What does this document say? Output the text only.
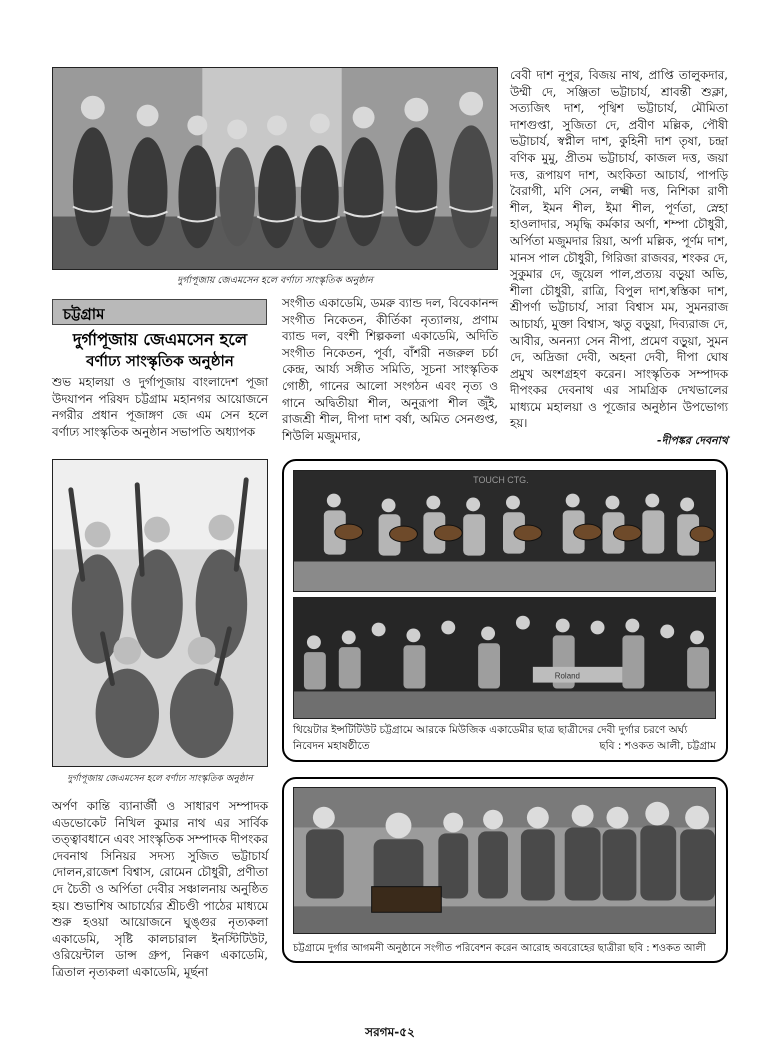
দুর্গাপূজায় জেএমসেন হলে বর্ণাঢ্য সাংস্কৃতিক অনুষ্ঠান
চট্টগ্রাম
দুর্গাপূজায় জেএমসেন হলে
বর্ণাঢ্য সাংস্কৃতিক অনুষ্ঠান
শুভ মহালয়া ও দুর্গাপূজায় বাংলাদেশ পূজা উদযাপন পরিষদ চট্টগ্রাম মহানগর আয়োজনে নগরীর প্রধান পূজাঙ্গণ জে এম সেন হলে বর্ণাঢ্য সাংস্কৃতিক অনুষ্ঠান সভাপতি অধ্যাপক
সংগীত একাডেমি, ডমরু ব্যান্ড দল, বিবেকানন্দ সংগীত নিকেতন, কীর্তিকা নৃত্যালয়, প্রণাম ব্যান্ড দল, বংশী শিল্পকলা একাডেমি, অদিতি সংগীত নিকেতন, পূর্বা, বাঁশরী নজরুল চর্চা কেন্দ্র, আর্য্য সঙ্গীত সমিতি, সূচনা সাংস্কৃতিক গোষ্ঠী, গানের আলো সংগঠন এবং নৃত্য ও গানে অদ্বিতীয়া শীল, অনুরূপা শীল জুঁই, রাজশ্রী শীল, দীপা দাশ বর্ষা, অমিত সেনগুপ্ত, শিউলি মজুমদার,
বেবী দাশ নূপুর, বিজয় নাথ, প্রাপ্তি তালুকদার, উম্মী দে, সঞ্জিতা ভট্টাচার্য, শ্রাবন্তী শুক্লা, সত্যজিৎ দাশ, পৃথ্বিশ ভট্টাচার্য, মৌমিতা দাশগুপ্তা, সুজিতা দে, প্রবীণ মল্লিক, পৌষী ভট্টাচার্য, স্বপ্নীল দাশ, কুহিনী দাশ তৃষা, চন্দ্রা বণিক মুমু, প্রীতম ভট্টাচার্য, কাজল দত্ত, জয়া দত্ত, রূপায়ণ দাশ, অংকিতা আচার্য, পাপড়ি বৈরাগী, মণি সেন, লক্ষ্মী দত্ত, নিশিকা রাণী শীল, ইমন শীল, ইমা শীল, পূর্ণতা, স্নেহা হাওলাদার, সমৃদ্ধি কর্মকার অর্ণা, শম্পা চৌধুরী, অর্পিতা মজুমদার রিয়া, অর্পা মল্লিক, পূর্ণম দাশ, মানস পাল চৌধুরী, গিরিজা রাজবর, শংকর দে, সুকুমার দে, জুয়েল পাল,প্রত্যয় বড়ুয়া অভি, শীলা চৌধুরী, রাত্রি, বিপুল দাশ,স্বস্তিকা দাশ, শ্রীপর্ণা ভট্টাচার্য, সারা বিশ্বাস মম, সুমনরাজ আচার্য্য, মুক্তা বিশ্বাস, ঋতু বড়ুয়া, দিব্যরাজ দে, আবীর, অনন্যা সেন নীপা, প্রমেণ বড়ুয়া, সুমন দে, অদ্রিজা দেবী, অহনা দেবী, দীপা ঘোষ প্রমুখ অংশগ্রহণ করেন। সাংস্কৃতিক সম্পাদক দীপংকর দেবনাথ এর সামগ্রিক দেখভালের মাধ্যমে মহালয়া ও পূজোর অনুষ্ঠান উপভোগ্য হয়।
-দীপঙ্কর দেবনাথ
দুর্গাপূজায় জেএমসেন হলে বর্ণাঢ্য সাংস্কৃতিক অনুষ্ঠান
TOUCH CTG.
Roland
থিয়েটার ইন্সটিটিউট চট্টগ্রামে আরকে মিউজিক একাডেমীর ছাত্র ছাত্রীদের দেবী দুর্গার চরণে অর্ঘ্য
নিবেদন মহাষষ্ঠীতে	ছবি : শওকত আলী, চট্টগ্রাম
অর্পণ কান্তি ব্যানার্জী ও সাধারণ সম্পাদক এডভোকেট নিখিল কুমার নাথ এর সার্বিক তত্ত্বাবধানে এবং সাংস্কৃতিক সম্পাদক দীপংকর দেবনাথ সিনিয়র সদস্য সুজিত ভট্টাচার্য দোলন,রাজেশ বিশ্বাস, রোমেন চৌধুরী, প্রণীতা দে চৈতী ও অর্পিতা দেবীর সঞ্চালনায় অনুষ্ঠিত হয়। শুভাশিষ আচার্য্যের শ্রীচণ্ডী পাঠের মাধ্যমে শুরু হওয়া আয়োজনে ঘুঙ্গুর নৃত্যকলা একাডেমি, সৃষ্টি কালচারাল ইনস্টিটিউট, ওরিয়েন্টাল ডান্স গ্রুপ, নিক্কণ একাডেমি, ত্রিতাল নৃত্যকলা একাডেমি, মূর্ছনা
চট্টগ্রামে দুর্গার আগমনী অনুষ্ঠানে সংগীত পরিবেশন করেন আরোহ অবরোহের ছাত্রীরা ছবি : শওকত আলী
সরগম-৫২
